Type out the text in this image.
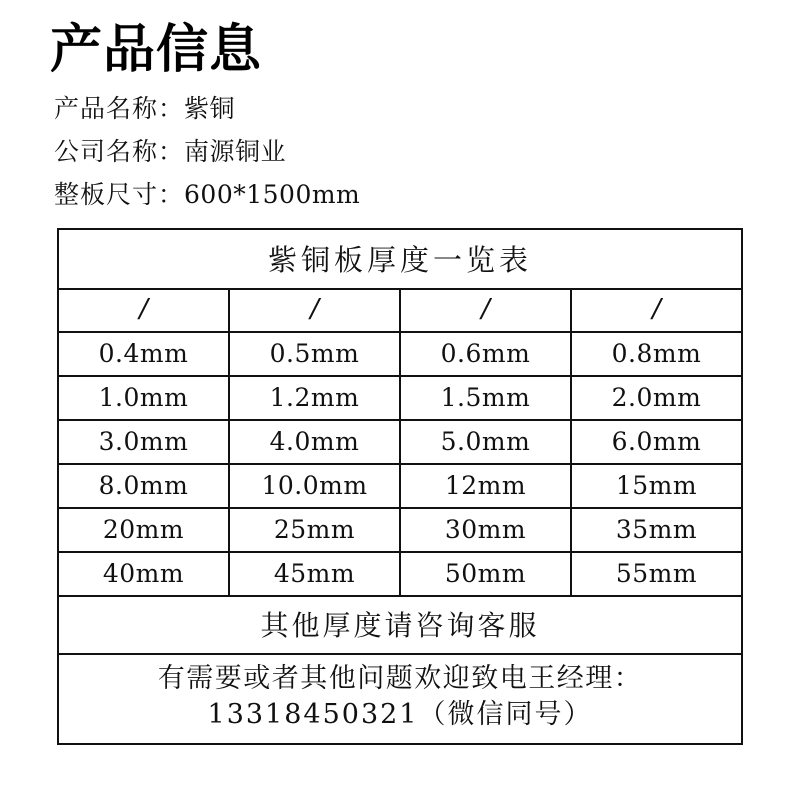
产品信息
产品名称：紫铜
公司名称：南源铜业
整板尺寸：600*1500mm
紫铜板厚度一览表			
/	/	/	/
0.4mm	0.5mm	0.6mm	0.8mm
1.0mm	1.2mm	1.5mm	2.0mm
3.0mm	4.0mm	5.0mm	6.0mm
8.0mm	10.0mm	12mm	15mm
20mm	25mm	30mm	35mm
40mm	45mm	50mm	55mm
其他厚度请咨询客服			
有需要或者其他问题欢迎致电王经理：
13318450321（微信同号）			
